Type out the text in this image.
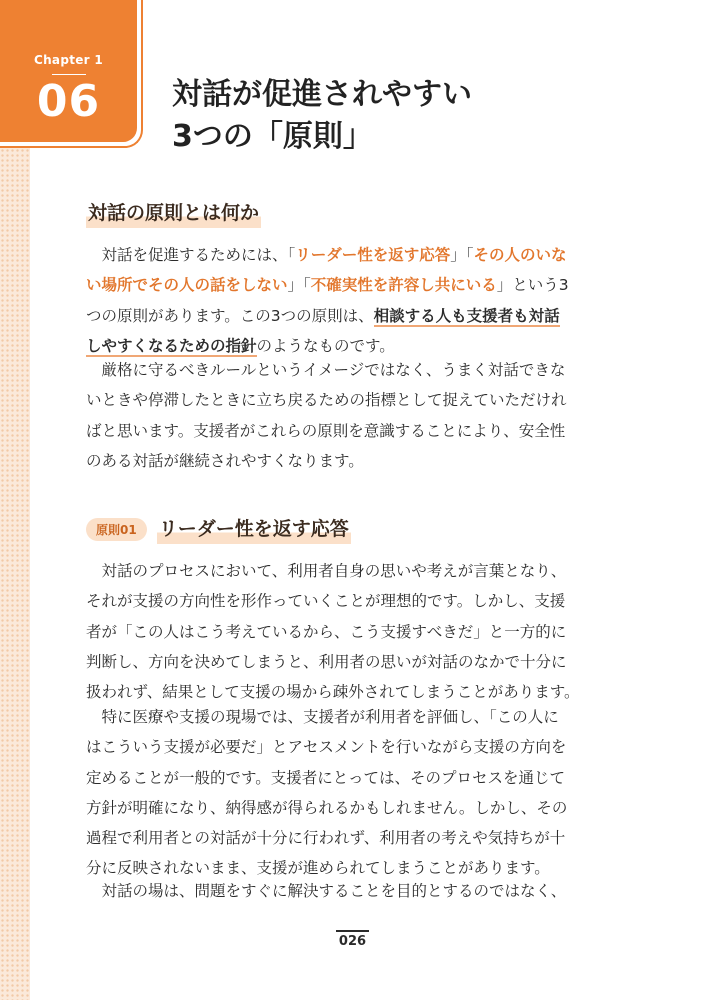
Chapter 1
06	対話が促進されやすい
3つの「原則」
対話の原則とは何か

　対話を促進するためには、「リーダー性を返す応答」「その人のいな
い場所でその人の話をしない」「不確実性を許容し共にいる」という3
つの原則があります。この3つの原則は、相談する人も支援者も対話
しやすくなるための指針のようなものです。

　厳格に守るべきルールというイメージではなく、うまく対話できな
いときや停滞したときに立ち戻るための指標として捉えていただけれ
ばと思います。支援者がこれらの原則を意識することにより、安全性
のある対話が継続されやすくなります。

原則01	リーダー性を返す応答

　対話のプロセスにおいて、利用者自身の思いや考えが言葉となり、
それが支援の方向性を形作っていくことが理想的です。しかし、支援
者が「この人はこう考えているから、こう支援すべきだ」と一方的に
判断し、方向を決めてしまうと、利用者の思いが対話のなかで十分に
扱われず、結果として支援の場から疎外されてしまうことがあります。

　特に医療や支援の現場では、支援者が利用者を評価し、「この人に
はこういう支援が必要だ」とアセスメントを行いながら支援の方向を
定めることが一般的です。支援者にとっては、そのプロセスを通じて
方針が明確になり、納得感が得られるかもしれません。しかし、その
過程で利用者との対話が十分に行われず、利用者の考えや気持ちが十
分に反映されないまま、支援が進められてしまうことがあります。

　対話の場は、問題をすぐに解決することを目的とするのではなく、

026
